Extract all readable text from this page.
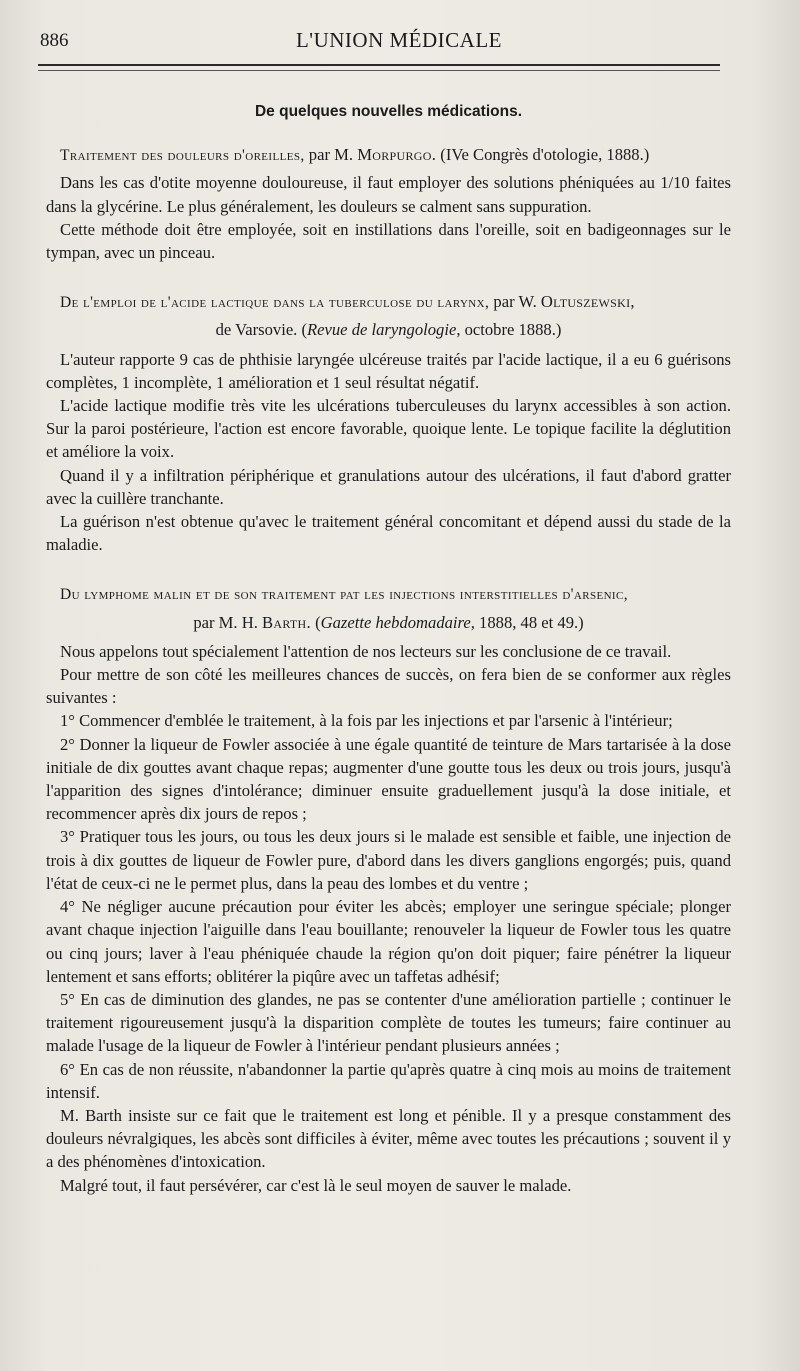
886	L'UNION MÉDICALE
De quelques nouvelles médications.
Traitement des douleurs d'oreilles, par M. Morpurgo. (IVe Congrès d'otologie, 1888.)

Dans les cas d'otite moyenne douloureuse, il faut employer des solutions phéniquées au 1/10 faites dans la glycérine. Le plus généralement, les douleurs se calment sans suppuration.

Cette méthode doit être employée, soit en instillations dans l'oreille, soit en badigeonnages sur le tympan, avec un pinceau.

De l'emploi de l'acide lactique dans la tuberculose du larynx, par W. Oltuszewski,
de Varsovie. (Revue de laryngologie, octobre 1888.)

L'auteur rapporte 9 cas de phthisie laryngée ulcéreuse traités par l'acide lactique, il a eu 6 guérisons complètes, 1 incomplète, 1 amélioration et 1 seul résultat négatif.

L'acide lactique modifie très vite les ulcérations tuberculeuses du larynx accessibles à son action. Sur la paroi postérieure, l'action est encore favorable, quoique lente. Le topique facilite la déglutition et améliore la voix.

Quand il y a infiltration périphérique et granulations autour des ulcérations, il faut d'abord gratter avec la cuillère tranchante.

La guérison n'est obtenue qu'avec le traitement général concomitant et dépend aussi du stade de la maladie.

Du lymphome malin et de son traitement pat les injections interstitielles d'arsenic,
par M. H. Barth. (Gazette hebdomadaire, 1888, 48 et 49.)

Nous appelons tout spécialement l'attention de nos lecteurs sur les conclusione de ce travail.

Pour mettre de son côté les meilleures chances de succès, on fera bien de se conformer aux règles suivantes :

1° Commencer d'emblée le traitement, à la fois par les injections et par l'arsenic à l'intérieur;

2° Donner la liqueur de Fowler associée à une égale quantité de teinture de Mars tartarisée à la dose initiale de dix gouttes avant chaque repas; augmenter d'une goutte tous les deux ou trois jours, jusqu'à l'apparition des signes d'intolérance; diminuer ensuite graduellement jusqu'à la dose initiale, et recommencer après dix jours de repos ;

3° Pratiquer tous les jours, ou tous les deux jours si le malade est sensible et faible, une injection de trois à dix gouttes de liqueur de Fowler pure, d'abord dans les divers ganglions engorgés; puis, quand l'état de ceux-ci ne le permet plus, dans la peau des lombes et du ventre ;

4° Ne négliger aucune précaution pour éviter les abcès; employer une seringue spéciale; plonger avant chaque injection l'aiguille dans l'eau bouillante; renouveler la liqueur de Fowler tous les quatre ou cinq jours; laver à l'eau phéniquée chaude la région qu'on doit piquer; faire pénétrer la liqueur lentement et sans efforts; oblitérer la piqûre avec un taffetas adhésif;

5° En cas de diminution des glandes, ne pas se contenter d'une amélioration partielle ; continuer le traitement rigoureusement jusqu'à la disparition complète de toutes les tumeurs; faire continuer au malade l'usage de la liqueur de Fowler à l'intérieur pendant plusieurs années ;

6° En cas de non réussite, n'abandonner la partie qu'après quatre à cinq mois au moins de traitement intensif.

M. Barth insiste sur ce fait que le traitement est long et pénible. Il y a presque constamment des douleurs névralgiques, les abcès sont difficiles à éviter, même avec toutes les précautions ; souvent il y a des phénomènes d'intoxication.

Malgré tout, il faut persévérer, car c'est là le seul moyen de sauver le malade.
